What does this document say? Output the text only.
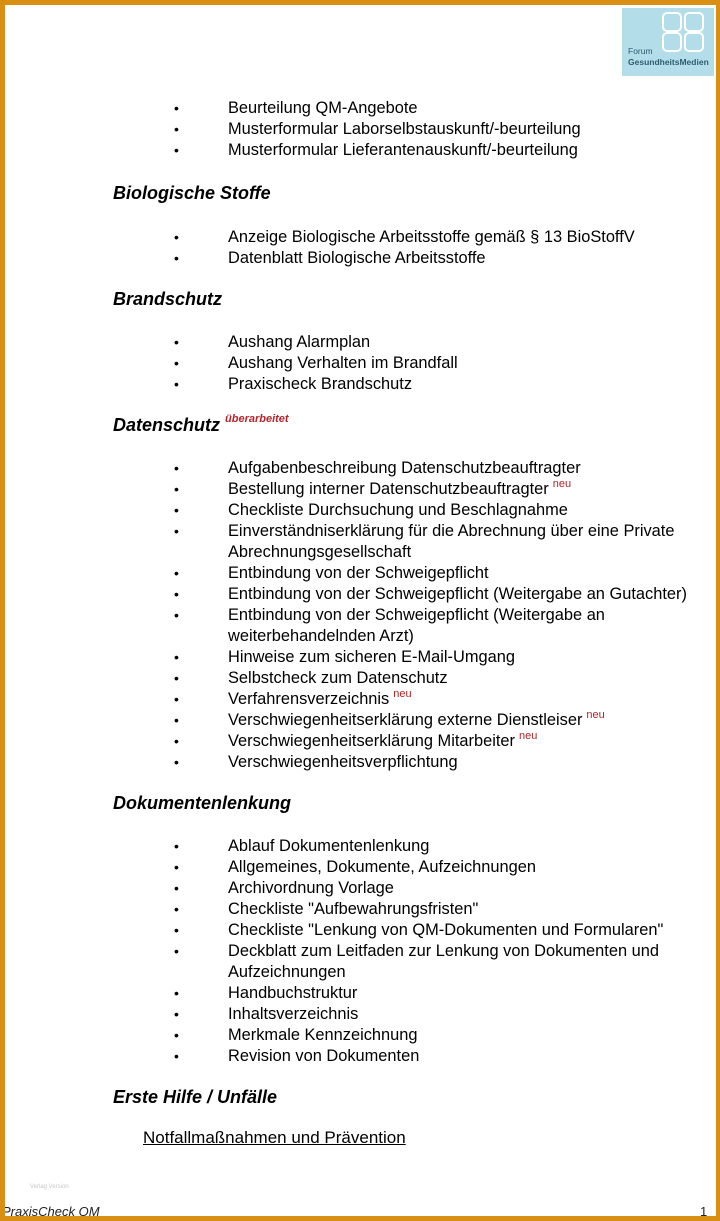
Forum
GesundheitsMedien
• Beurteilung QM-Angebote
• Musterformular Laborselbstauskunft/-beurteilung
• Musterformular Lieferantenauskunft/-beurteilung
Biologische Stoffe
• Anzeige Biologische Arbeitsstoffe gemäß § 13 BioStoffV
• Datenblatt Biologische Arbeitsstoffe
Brandschutz
• Aushang Alarmplan
• Aushang Verhalten im Brandfall
• Praxischeck Brandschutz
Datenschutz $^{überarbeitet}$
• Aufgabenbeschreibung Datenschutzbeauftragter
• Bestellung interner Datenschutzbeauftragter $^{neu}$
• Checkliste Durchsuchung und Beschlagnahme
• Einverständniserklärung für die Abrechnung über eine Private
Abrechnungsgesellschaft
• Entbindung von der Schweigepflicht
• Entbindung von der Schweigepflicht (Weitergabe an Gutachter)
• Entbindung von der Schweigepflicht (Weitergabe an
weiterbehandelnden Arzt)
• Hinweise zum sicheren E-Mail-Umgang
• Selbstcheck zum Datenschutz
• Verfahrensverzeichnis $^{neu}$
• Verschwiegenheitserklärung externe Dienstleiser $^{neu}$
• Verschwiegenheitserklärung Mitarbeiter $^{neu}$
• Verschwiegenheitsverpflichtung
Dokumentenlenkung
• Ablauf Dokumentenlenkung
• Allgemeines, Dokumente, Aufzeichnungen
• Archivordnung Vorlage
• Checkliste "Aufbewahrungsfristen"
• Checkliste "Lenkung von QM-Dokumenten und Formularen"
• Deckblatt zum Leitfaden zur Lenkung von Dokumenten und
Aufzeichnungen
• Handbuchstruktur
• Inhaltsverzeichnis
• Merkmale Kennzeichnung
• Revision von Dokumenten
Erste Hilfe / Unfälle
Notfallmaßnahmen und Prävention
Verlag Version
PraxisCheck QM	1
